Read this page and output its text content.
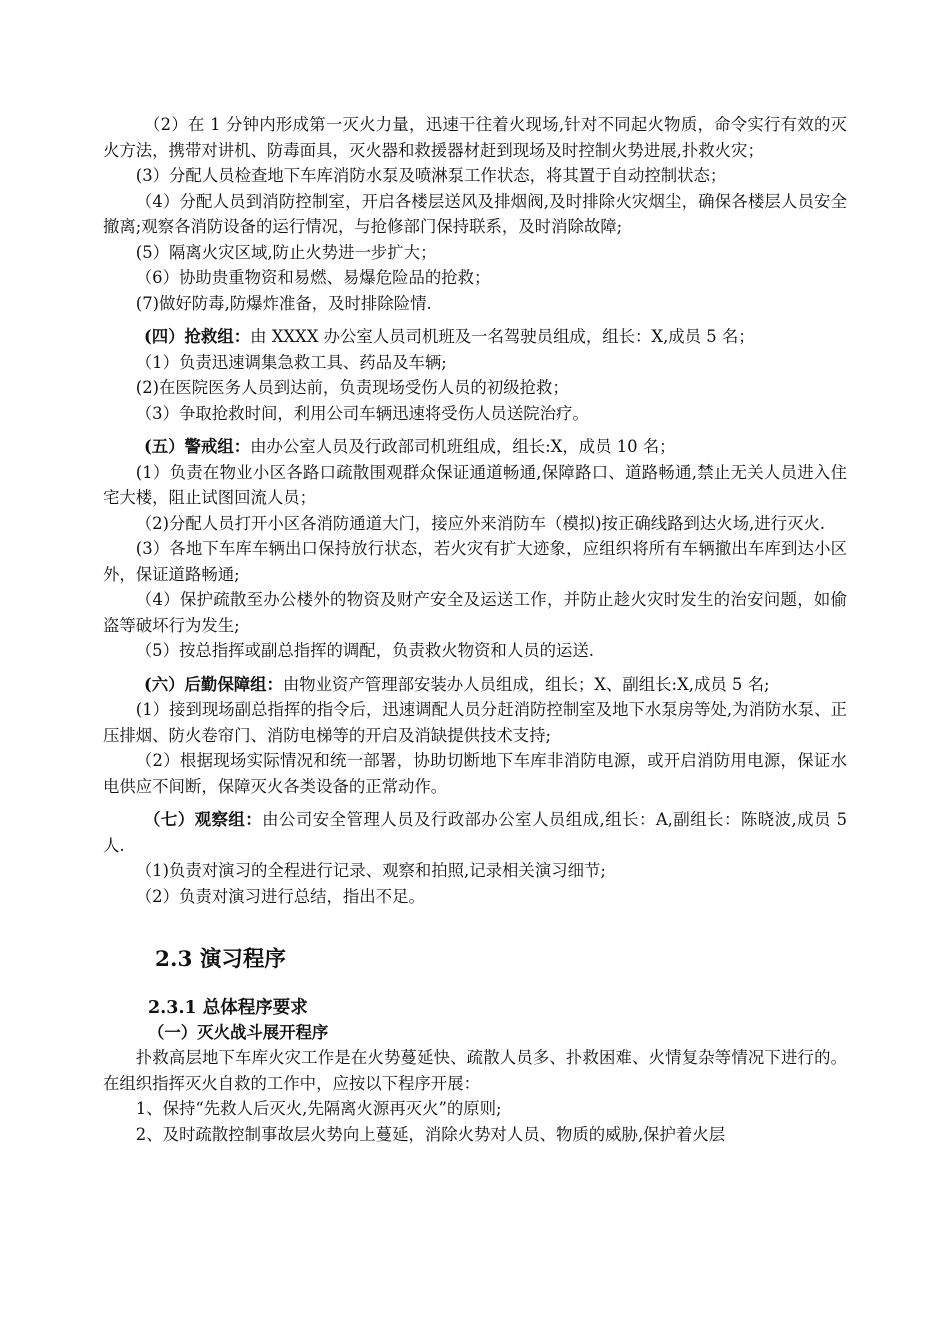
（2）在 1 分钟内形成第一灭火力量，迅速干往着火现场,针对不同起火物质，命令实行有效的灭火方法，携带对讲机、防毒面具，灭火器和救援器材赶到现场及时控制火势进展,扑救火灾；

(3）分配人员检查地下车库消防水泵及喷淋泵工作状态，将其置于自动控制状态；

（4）分配人员到消防控制室，开启各楼层送风及排烟阀,及时排除火灾烟尘，确保各楼层人员安全撤离;观察各消防设备的运行情况，与抢修部门保持联系，及时消除故障;

(5）隔离火灾区域,防止火势进一步扩大；

（6）协助贵重物资和易燃、易爆危险品的抢救；

(7)做好防毒,防爆炸准备，及时排除险情.

(四）抢救组：由 XXXX 办公室人员司机班及一名驾驶员组成，组长：X,成员 5 名；

（1）负责迅速调集急救工具、药品及车辆;

(2)在医院医务人员到达前，负责现场受伤人员的初级抢救；

（3）争取抢救时间，利用公司车辆迅速将受伤人员送院治疗。

(五）警戒组：由办公室人员及行政部司机班组成，组长:X，成员 10 名；

(1）负责在物业小区各路口疏散围观群众保证通道畅通,保障路口、道路畅通,禁止无关人员进入住宅大楼，阻止试图回流人员；

（2)分配人员打开小区各消防通道大门，接应外来消防车（模拟)按正确线路到达火场,进行灭火.

(3）各地下车库车辆出口保持放行状态，若火灾有扩大迹象，应组织将所有车辆撤出车库到达小区外，保证道路畅通;

（4）保护疏散至办公楼外的物资及财产安全及运送工作，并防止趁火灾时发生的治安问题，如偷盗等破坏行为发生;

（5）按总指挥或副总指挥的调配，负责救火物资和人员的运送.

(六）后勤保障组：由物业资产管理部安装办人员组成，组长；X、副组长:X,成员 5 名;

(1）接到现场副总指挥的指令后，迅速调配人员分赶消防控制室及地下水泵房等处,为消防水泵、正压排烟、防火卷帘门、消防电梯等的开启及消缺提供技术支持;

（2）根据现场实际情况和统一部署，协助切断地下车库非消防电源，或开启消防用电源，保证水电供应不间断，保障灭火各类设备的正常动作。

（七）观察组：由公司安全管理人员及行政部办公室人员组成,组长：A,副组长：陈晓波,成员 5 人.

（1)负责对演习的全程进行记录、观察和拍照,记录相关演习细节;

（2）负责对演习进行总结，指出不足。

2.3 演习程序
2.3.1 总体程序要求
（一）灭火战斗展开程序

扑救高层地下车库火灾工作是在火势蔓延快、疏散人员多、扑救困难、火情复杂等情况下进行的。在组织指挥灭火自救的工作中，应按以下程序开展：

1、保持“先救人后灭火,先隔离火源再灭火”的原则;

2、及时疏散控制事故层火势向上蔓延，消除火势对人员、物质的威胁,保护着火层
